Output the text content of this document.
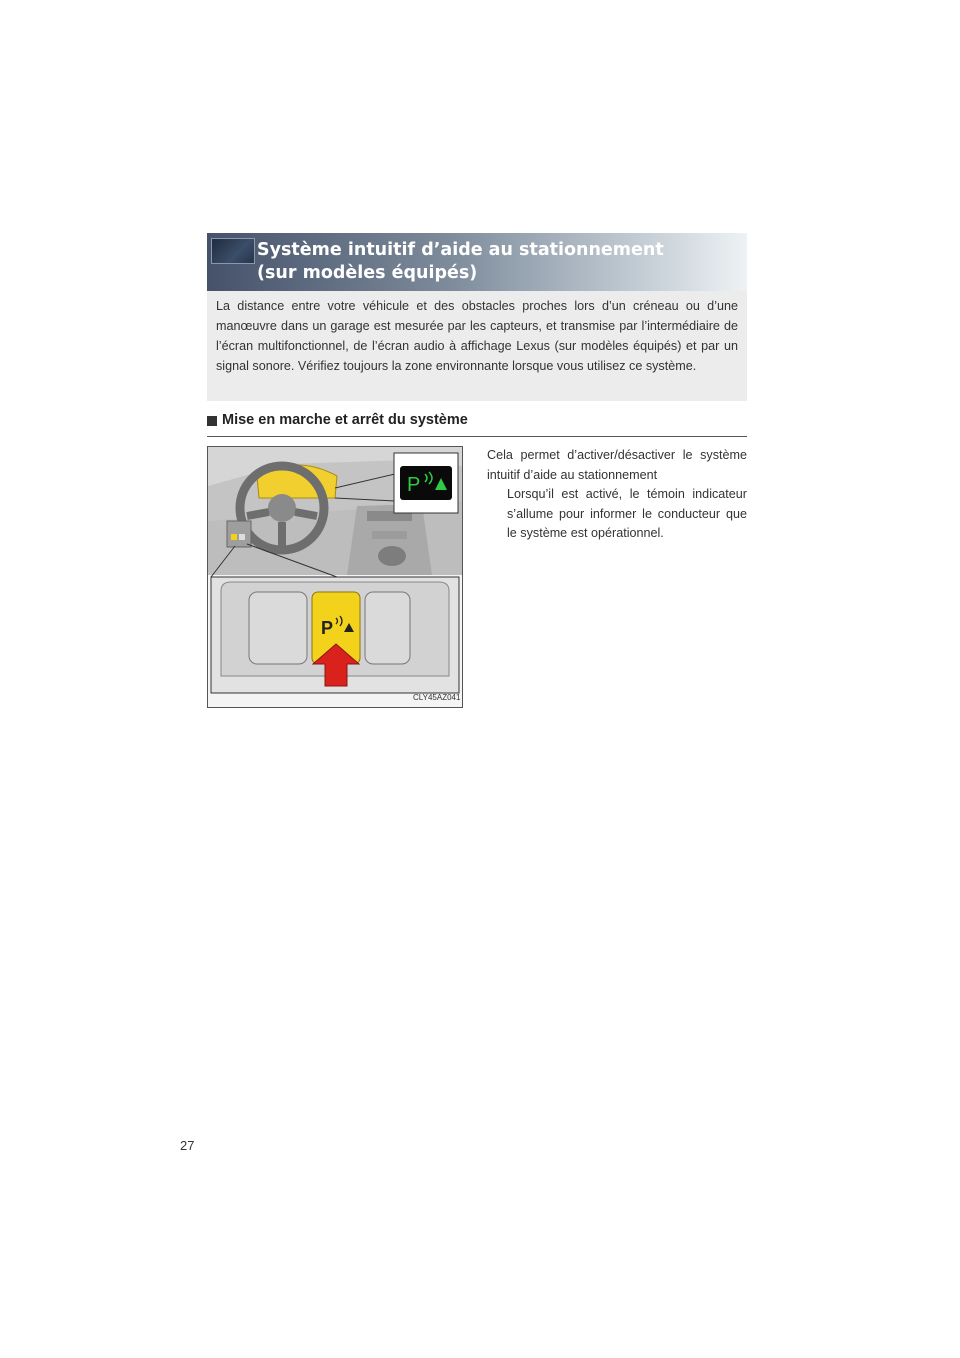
Système intuitif d’aide au stationnement
(sur modèles équipés)
La distance entre votre véhicule et des obstacles proches lors d’un créneau ou d’une manœuvre dans un garage est mesurée par les capteurs, et transmise par l’intermédiaire de l’écran multifonctionnel, de l’écran audio à affichage Lexus (sur modèles équipés) et par un signal sonore. Vérifiez toujours la zone environnante lorsque vous utilisez ce système.
Mise en marche et arrêt du système
Cela permet d’activer/désactiver le système intuitif d’aide au stationnement
Lorsqu’il est activé, le témoin indicateur s’allume pour informer le conducteur que le système est opérationnel.
P
P
CLY45AZ041
27
